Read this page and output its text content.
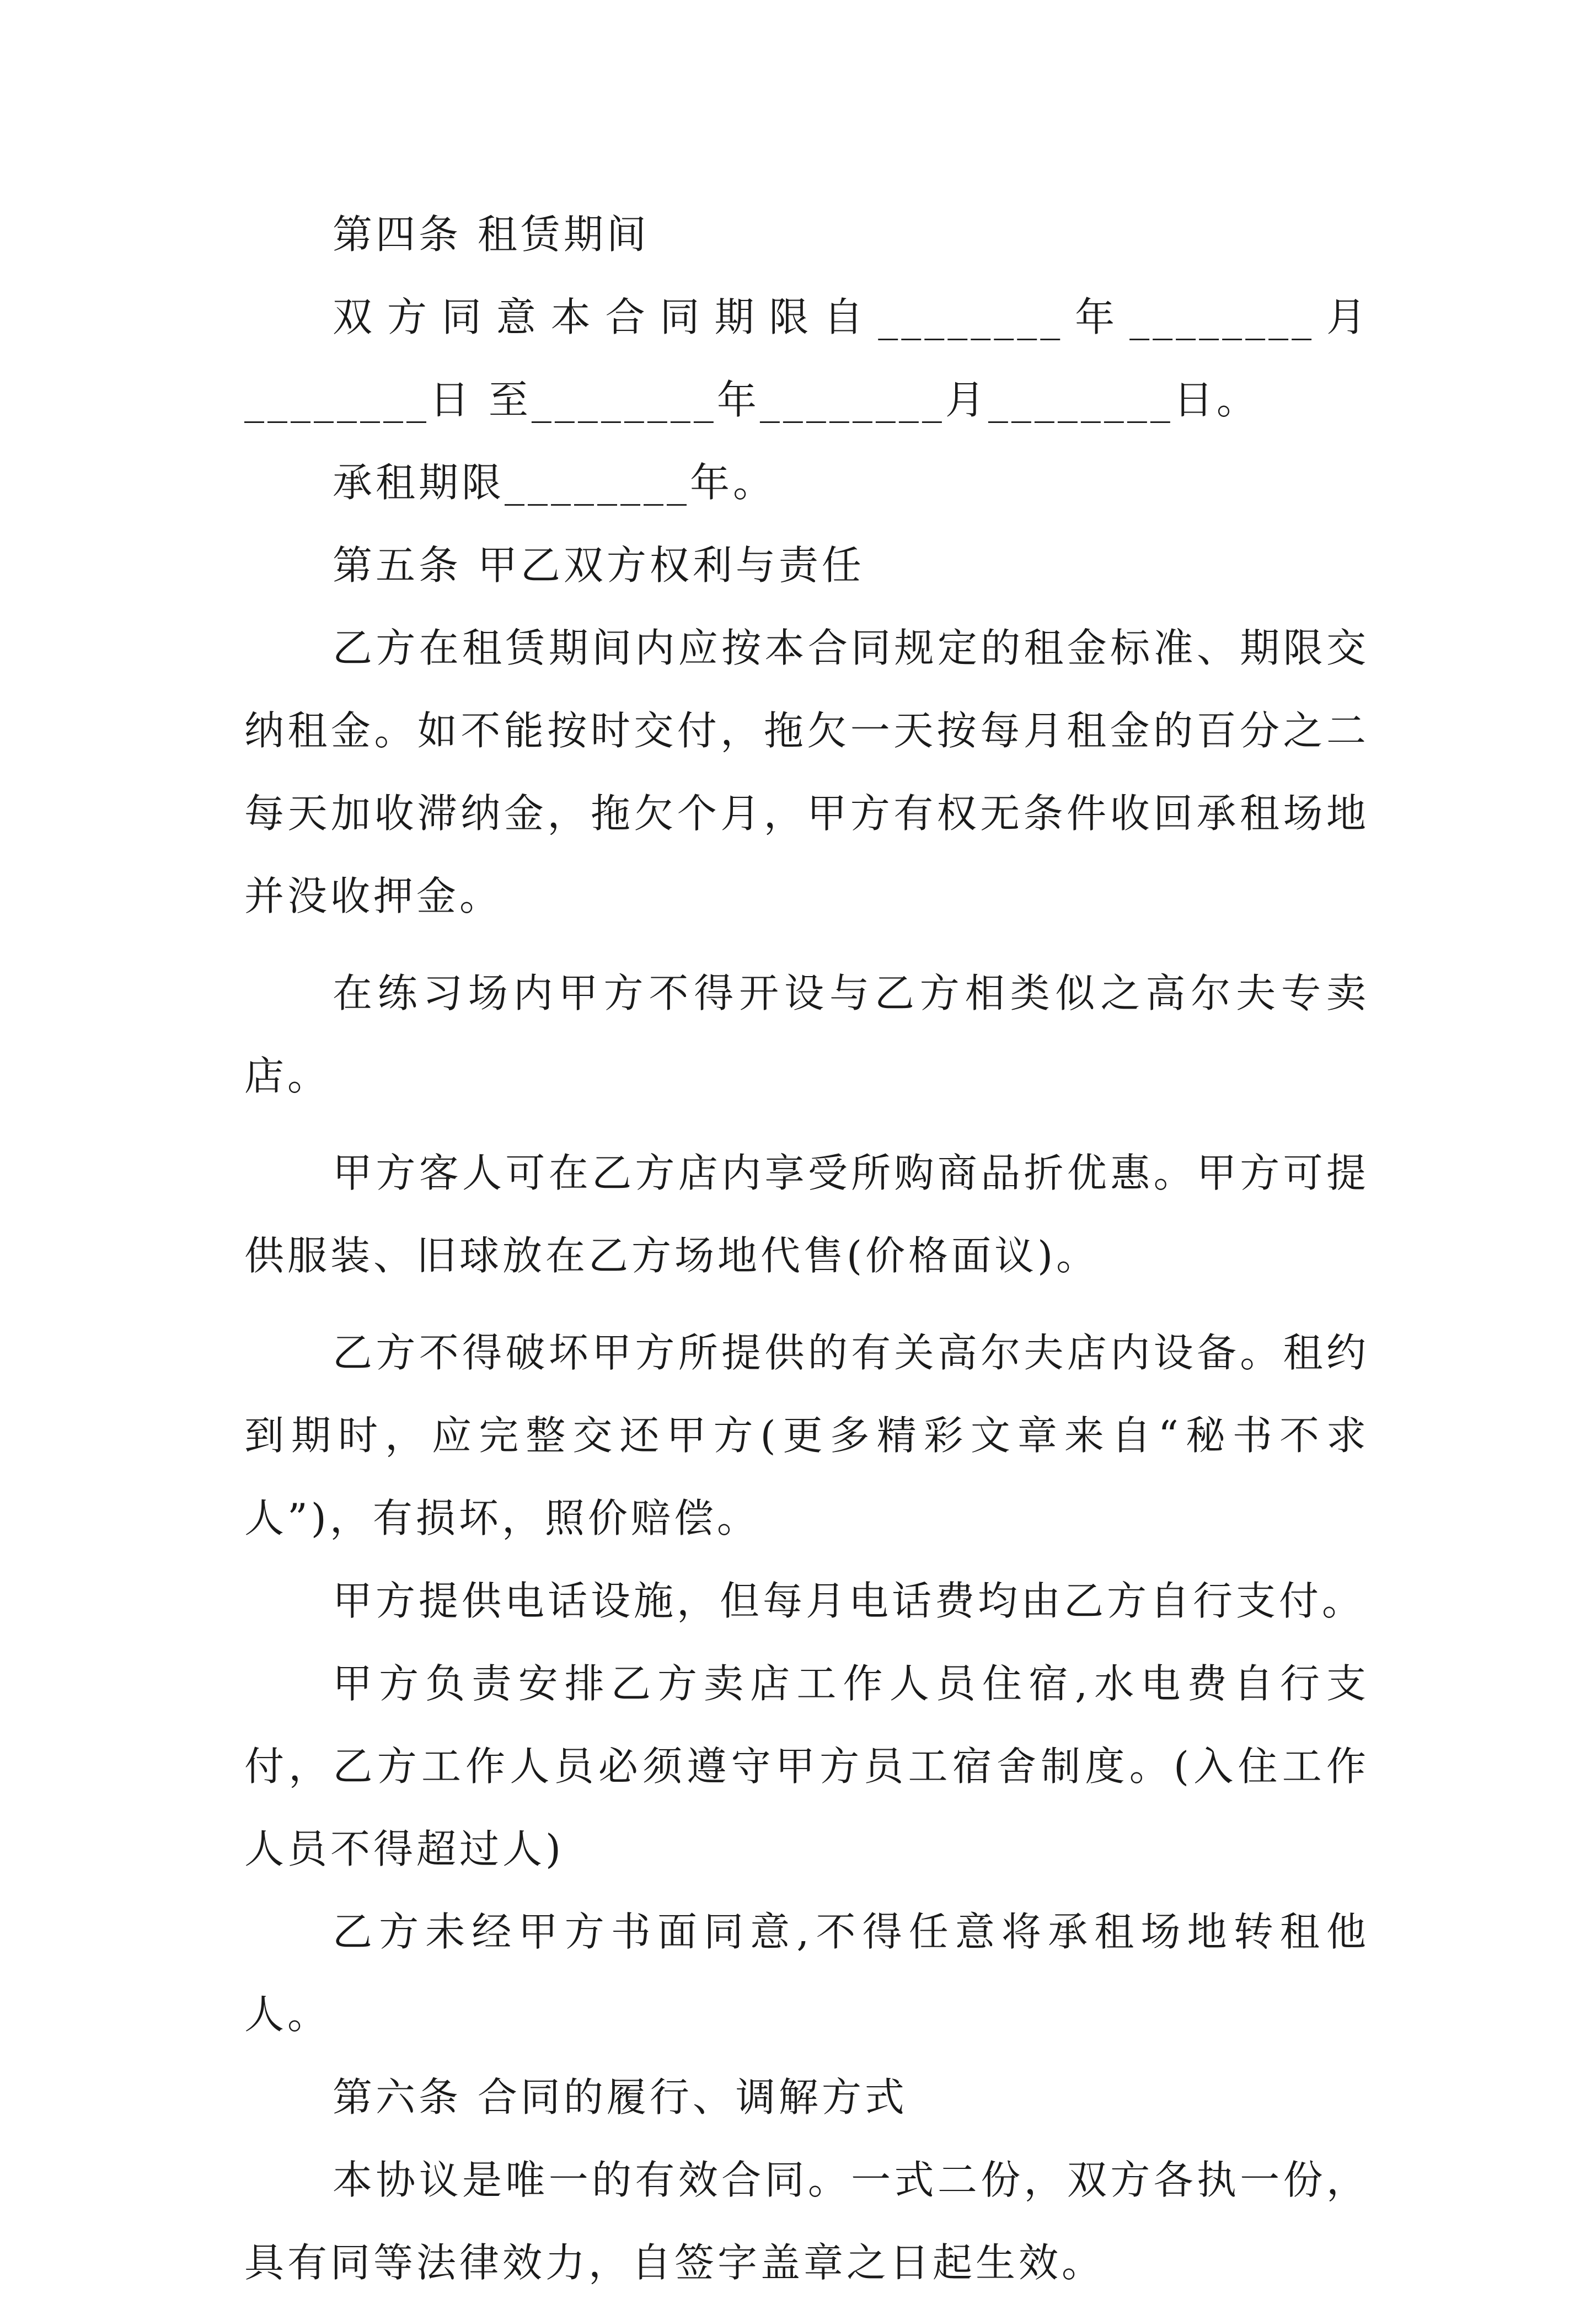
第四条 租赁期间

双方同意本合同期限自________年________月________日 至________年________月________日。

承租期限________年。

第五条 甲乙双方权利与责任

乙方在租赁期间内应按本合同规定的租金标准、期限交纳租金。如不能按时交付，拖欠一天按每月租金的百分之二每天加收滞纳金，拖欠个月，甲方有权无条件收回承租场地并没收押金。

在练习场内甲方不得开设与乙方相类似之高尔夫专卖店。

甲方客人可在乙方店内享受所购商品折优惠。甲方可提供服装、旧球放在乙方场地代售(价格面议)。

乙方不得破坏甲方所提供的有关高尔夫店内设备。租约到期时，应完整交还甲方(更多精彩文章来自“秘书不求人”)，有损坏，照价赔偿。

甲方提供电话设施，但每月电话费均由乙方自行支付。

甲方负责安排乙方卖店工作人员住宿,水电费自行支付，乙方工作人员必须遵守甲方员工宿舍制度。(入住工作人员不得超过人)

乙方未经甲方书面同意,不得任意将承租场地转租他人。

第六条 合同的履行、调解方式

本协议是唯一的有效合同。一式二份，双方各执一份，具有同等法律效力，自签字盖章之日起生效。
